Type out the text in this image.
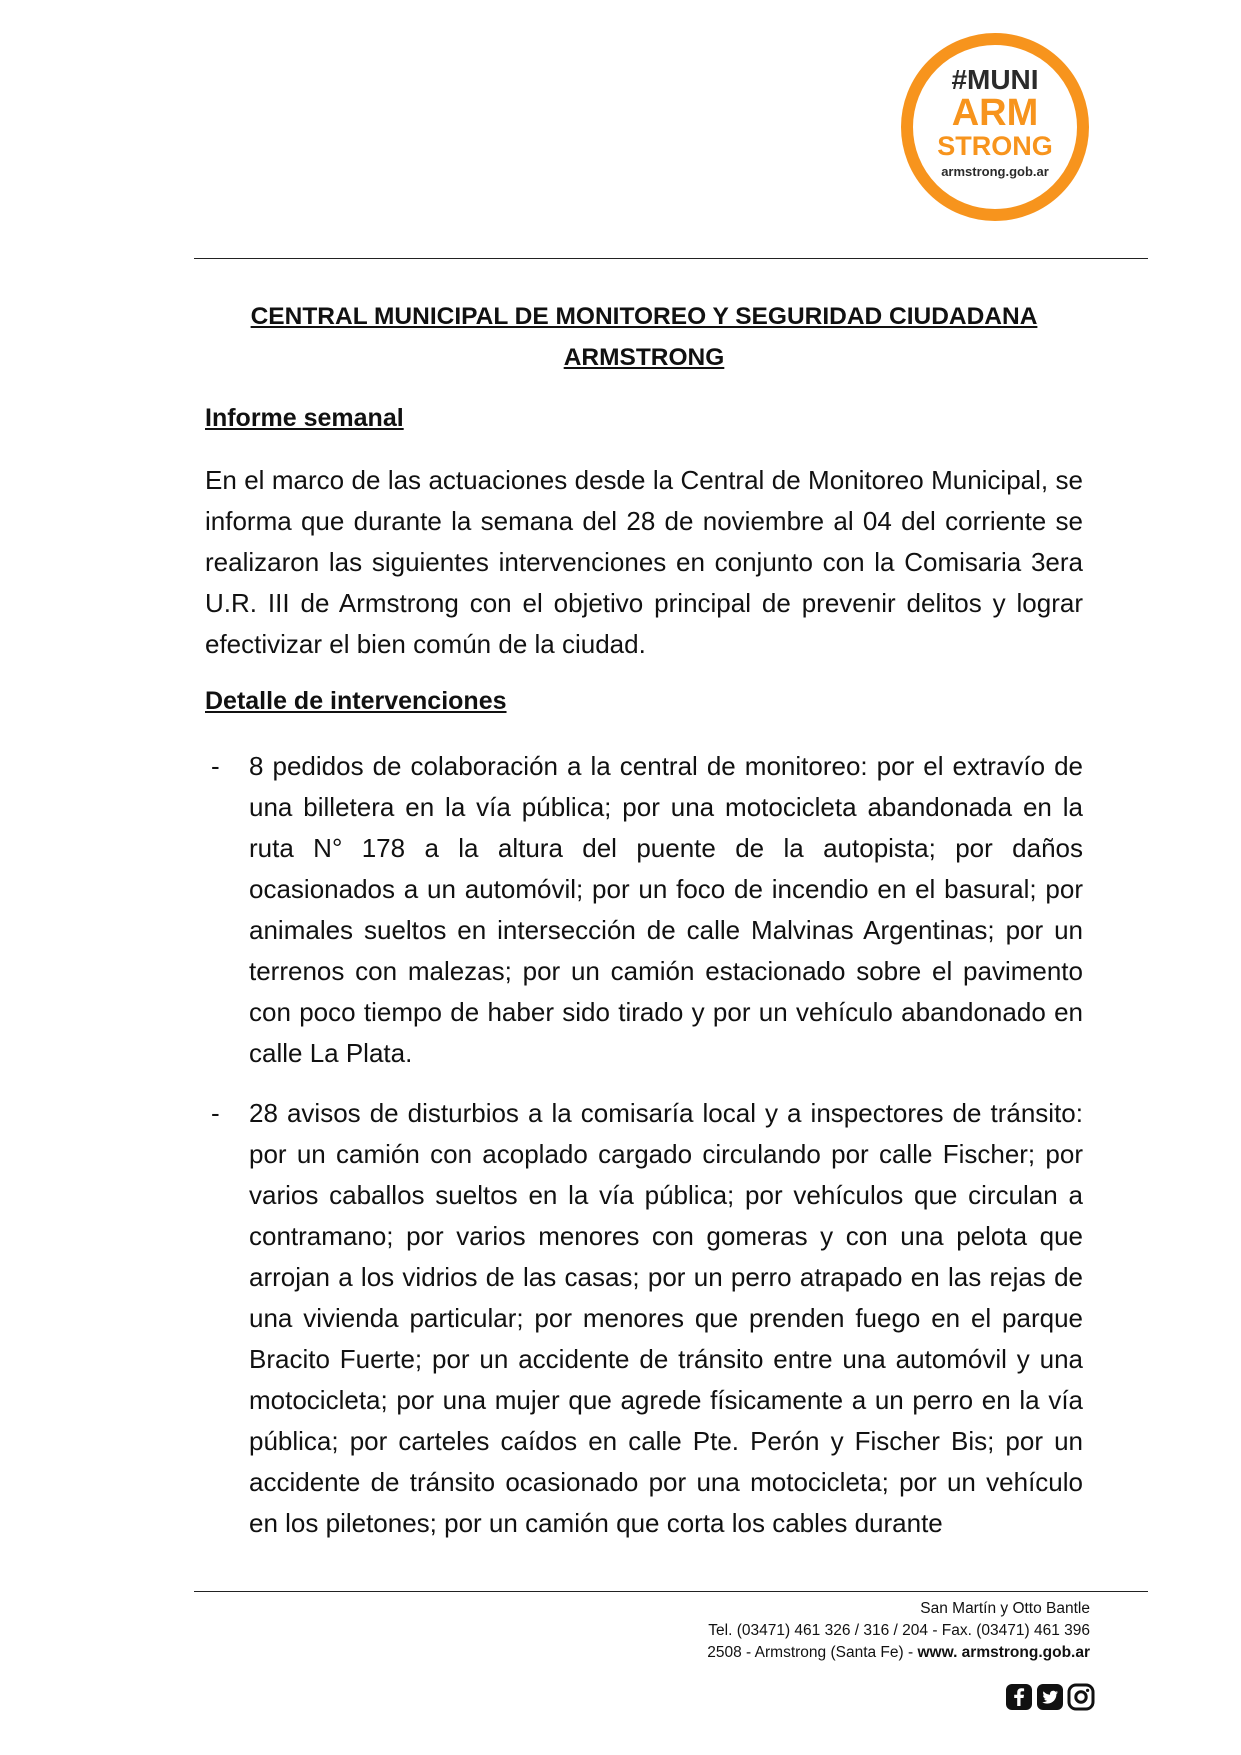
#MUNI
ARM
STRONG
armstrong.gob.ar
CENTRAL MUNICIPAL DE MONITOREO Y SEGURIDAD CIUDADANA
ARMSTRONG
Informe semanal

En el marco de las actuaciones desde la Central de Monitoreo Municipal, se informa que durante la semana del 28 de noviembre al 04 del corriente se realizaron las siguientes intervenciones en conjunto con la Comisaria 3era U.R. III de Armstrong con el objetivo principal de prevenir delitos y lograr efectivizar el bien común de la ciudad.

Detalle de intervenciones
- 8 pedidos de colaboración a la central de monitoreo: por el extravío de una billetera en la vía pública; por una motocicleta abandonada en la ruta N° 178 a la altura del puente de la autopista; por daños ocasionados a un automóvil; por un foco de incendio en el basural; por animales sueltos en intersección de calle Malvinas Argentinas; por un terrenos con malezas; por un camión estacionado sobre el pavimento con poco tiempo de haber sido tirado y por un vehículo abandonado en calle La Plata.

- 28 avisos de disturbios a la comisaría local y a inspectores de tránsito: por un camión con acoplado cargado circulando por calle Fischer; por varios caballos sueltos en la vía pública; por vehículos que circulan a contramano; por varios menores con gomeras y con una pelota que arrojan a los vidrios de las casas; por un perro atrapado en las rejas de una vivienda particular; por menores que prenden fuego en el parque Bracito Fuerte; por un accidente de tránsito entre una automóvil y una motocicleta; por una mujer que agrede físicamente a un perro en la vía pública; por carteles caídos en calle Pte. Perón y Fischer Bis; por un accidente de tránsito ocasionado por una motocicleta; por un vehículo en los piletones; por un camión que corta los cables durante

San Martín y Otto Bantle
Tel. (03471) 461 326 / 316 / 204 - Fax. (03471) 461 396
2508 - Armstrong (Santa Fe) - www. armstrong.gob.ar
